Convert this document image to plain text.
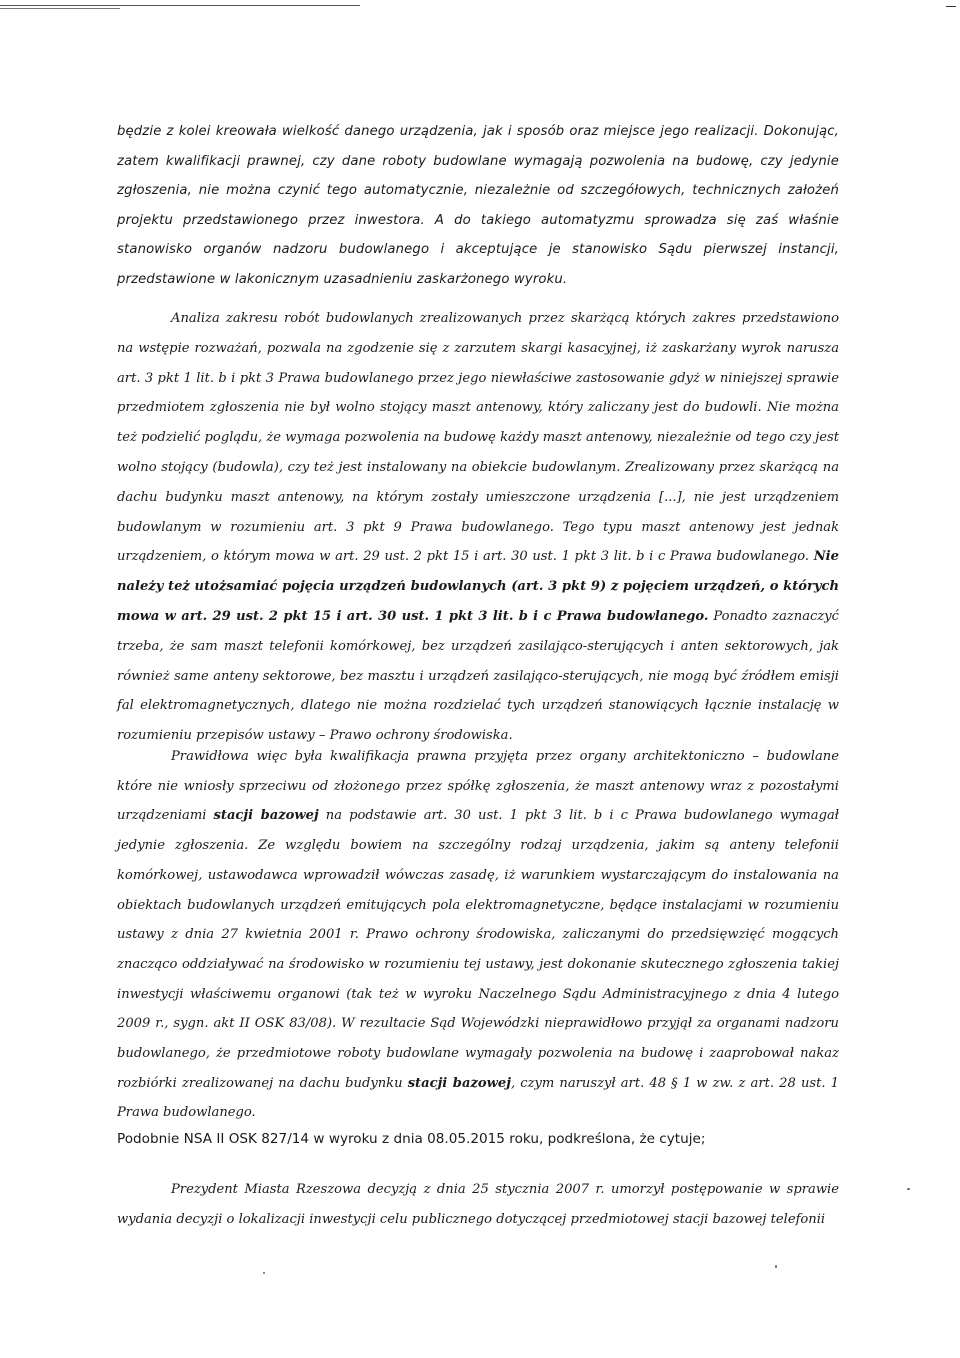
będzie z kolei kreowała wielkość danego urządzenia, jak i sposób oraz miejsce jego realizacji. Dokonując, zatem kwalifikacji prawnej, czy dane roboty budowlane wymagają pozwolenia na budowę, czy jedynie zgłoszenia, nie można czynić tego automatycznie, niezależnie od szczegółowych, technicznych założeń projektu przedstawionego przez inwestora. A do takiego automatyzmu sprowadza się zaś właśnie stanowisko organów nadzoru budowlanego i akceptujące je stanowisko Sądu pierwszej instancji, przedstawione w lakonicznym uzasadnieniu zaskarżonego wyroku.

Analiza zakresu robót budowlanych zrealizowanych przez skarżącą których zakres przedstawiono na wstępie rozważań, pozwala na zgodzenie się z zarzutem skargi kasacyjnej, iż zaskarżany wyrok narusza art. 3 pkt 1 lit. b i pkt 3 Prawa budowlanego przez jego niewłaściwe zastosowanie gdyż w niniejszej sprawie przedmiotem zgłoszenia nie był wolno stojący maszt antenowy, który zaliczany jest do budowli. Nie można też podzielić poglądu, że wymaga pozwolenia na budowę każdy maszt antenowy, niezależnie od tego czy jest wolno stojący (budowla), czy też jest instalowany na obiekcie budowlanym. Zrealizowany przez skarżącą na dachu budynku maszt antenowy, na którym zostały umieszczone urządzenia [...], nie jest urządzeniem budowlanym w rozumieniu art. 3 pkt 9 Prawa budowlanego. Tego typu maszt antenowy jest jednak urządzeniem, o którym mowa w art. 29 ust. 2 pkt 15 i art. 30 ust. 1 pkt 3 lit. b i c Prawa budowlanego. Nie należy też utożsamiać pojęcia urządzeń budowlanych (art. 3 pkt 9) z pojęciem urządzeń, o których mowa w art. 29 ust. 2 pkt 15 i art. 30 ust. 1 pkt 3 lit. b i c Prawa budowlanego. Ponadto zaznaczyć trzeba, że sam maszt telefonii komórkowej, bez urządzeń zasilająco-sterujących i anten sektorowych, jak również same anteny sektorowe, bez masztu i urządzeń zasilająco-sterujących, nie mogą być źródłem emisji fal elektromagnetycznych, dlatego nie można rozdzielać tych urządzeń stanowiących łącznie instalację w rozumieniu przepisów ustawy – Prawo ochrony środowiska.

Prawidłowa więc była kwalifikacja prawna przyjęta przez organy architektoniczno – budowlane które nie wniosły sprzeciwu od złożonego przez spółkę zgłoszenia, że maszt antenowy wraz z pozostałymi urządzeniami stacji bazowej na podstawie art. 30 ust. 1 pkt 3 lit. b i c Prawa budowlanego wymagał jedynie zgłoszenia. Ze względu bowiem na szczególny rodzaj urządzenia, jakim są anteny telefonii komórkowej, ustawodawca wprowadził wówczas zasadę, iż warunkiem wystarczającym do instalowania na obiektach budowlanych urządzeń emitujących pola elektromagnetyczne, będące instalacjami w rozumieniu ustawy z dnia 27 kwietnia 2001 r. Prawo ochrony środowiska, zaliczanymi do przedsięwzięć mogących znacząco oddziaływać na środowisko w rozumieniu tej ustawy, jest dokonanie skutecznego zgłoszenia takiej inwestycji właściwemu organowi (tak też w wyroku Naczelnego Sądu Administracyjnego z dnia 4 lutego 2009 r., sygn. akt II OSK 83/08). W rezultacie Sąd Wojewódzki nieprawidłowo przyjął za organami nadzoru budowlanego, że przedmiotowe roboty budowlane wymagały pozwolenia na budowę i zaaprobował nakaz rozbiórki zrealizowanej na dachu budynku stacji bazowej, czym naruszył art. 48 § 1 w zw. z art. 28 ust. 1 Prawa budowlanego.

Podobnie NSA II OSK 827/14 w wyroku z dnia 08.05.2015 roku, podkreślona, że cytuje;

Prezydent Miasta Rzeszowa decyzją z dnia 25 stycznia 2007 r. umorzył postępowanie w sprawie wydania decyzji o lokalizacji inwestycji celu publicznego dotyczącej przedmiotowej stacji bazowej telefonii
